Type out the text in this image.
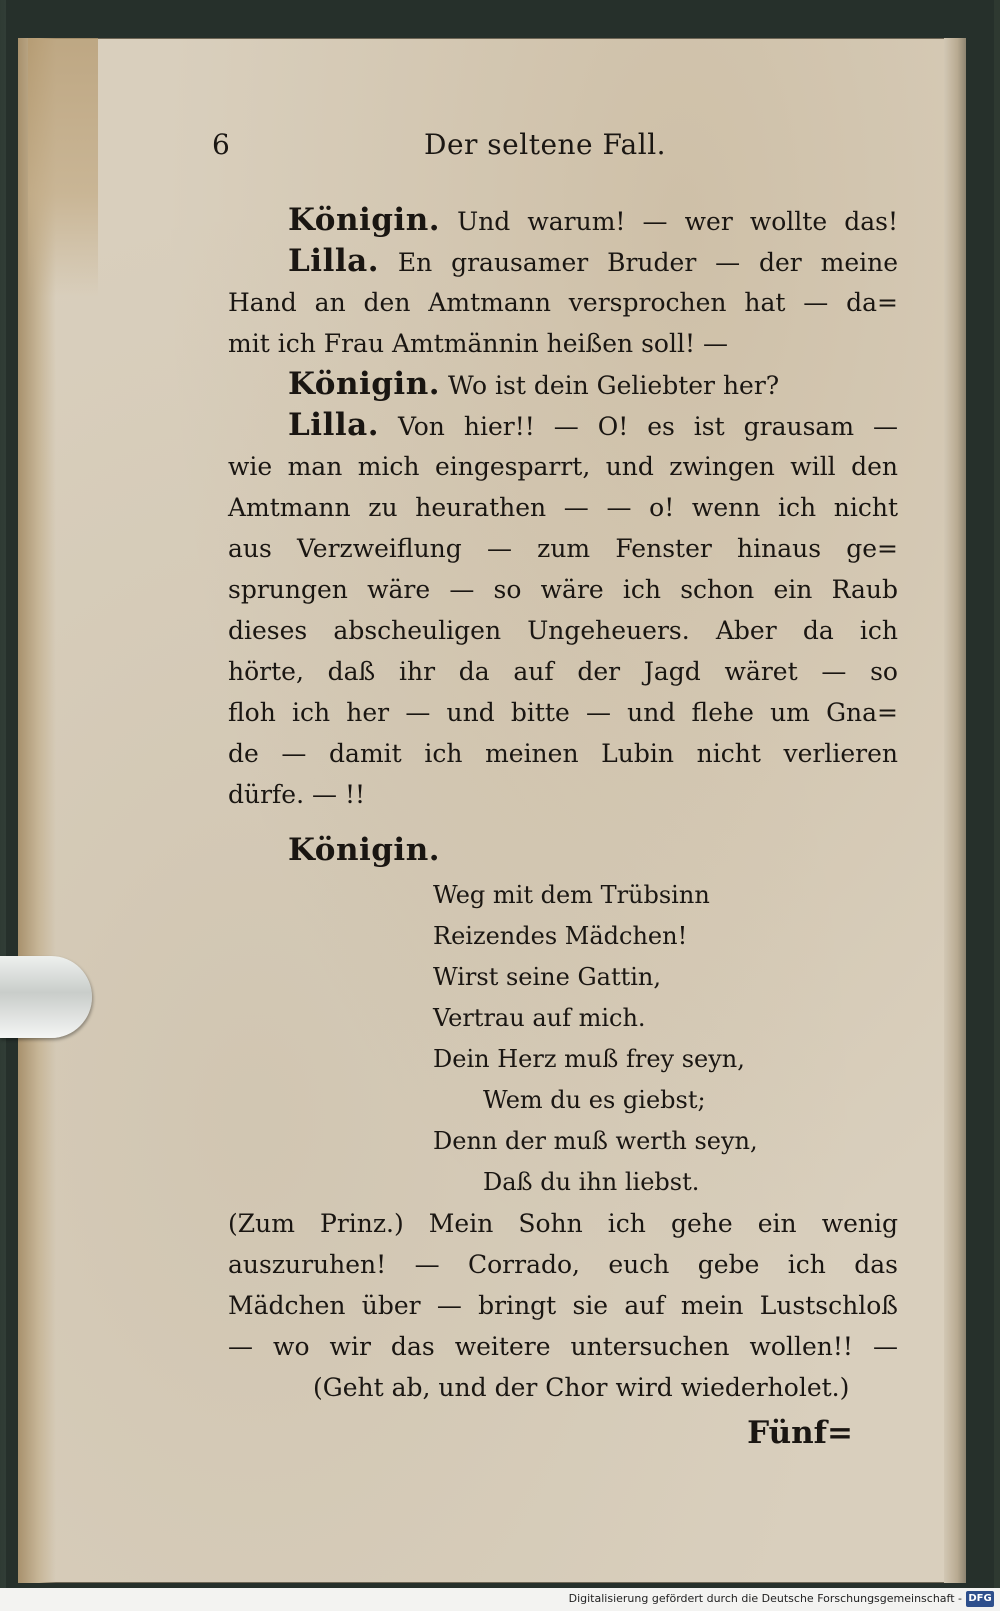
6	Der seltene Fall.
Königin. Und warum! — wer wollte das!
Lilla. En grausamer Bruder — der meine
Hand an den Amtmann versprochen hat — da=
mit ich Frau Amtmännin heißen soll! —
Königin. Wo ist dein Geliebter her?
Lilla. Von hier!! — O! es ist grausam —
wie man mich eingesparrt, und zwingen will den
Amtmann zu heurathen — — o! wenn ich nicht
aus Verzweiflung — zum Fenster hinaus ge=
sprungen wäre — so wäre ich schon ein Raub
dieses abscheuligen Ungeheuers. Aber da ich
hörte, daß ihr da auf der Jagd wäret — so
floh ich her — und bitte — und flehe um Gna=
de — damit ich meinen Lubin nicht verlieren
dürfe. — !!
Königin.
Weg mit dem Trübsinn
Reizendes Mädchen!
Wirst seine Gattin,
Vertrau auf mich.
Dein Herz muß frey seyn,
Wem du es giebst;
Denn der muß werth seyn,
Daß du ihn liebst.
(Zum Prinz.) Mein Sohn ich gehe ein wenig
auszuruhen! — Corrado, euch gebe ich das
Mädchen über — bringt sie auf mein Lustschloß
— wo wir das weitere untersuchen wollen!! —
(Geht ab, und der Chor wird wiederholet.)
Fünf=
Digitalisierung gefördert durch die Deutsche Forschungsgemeinschaft - DFG
